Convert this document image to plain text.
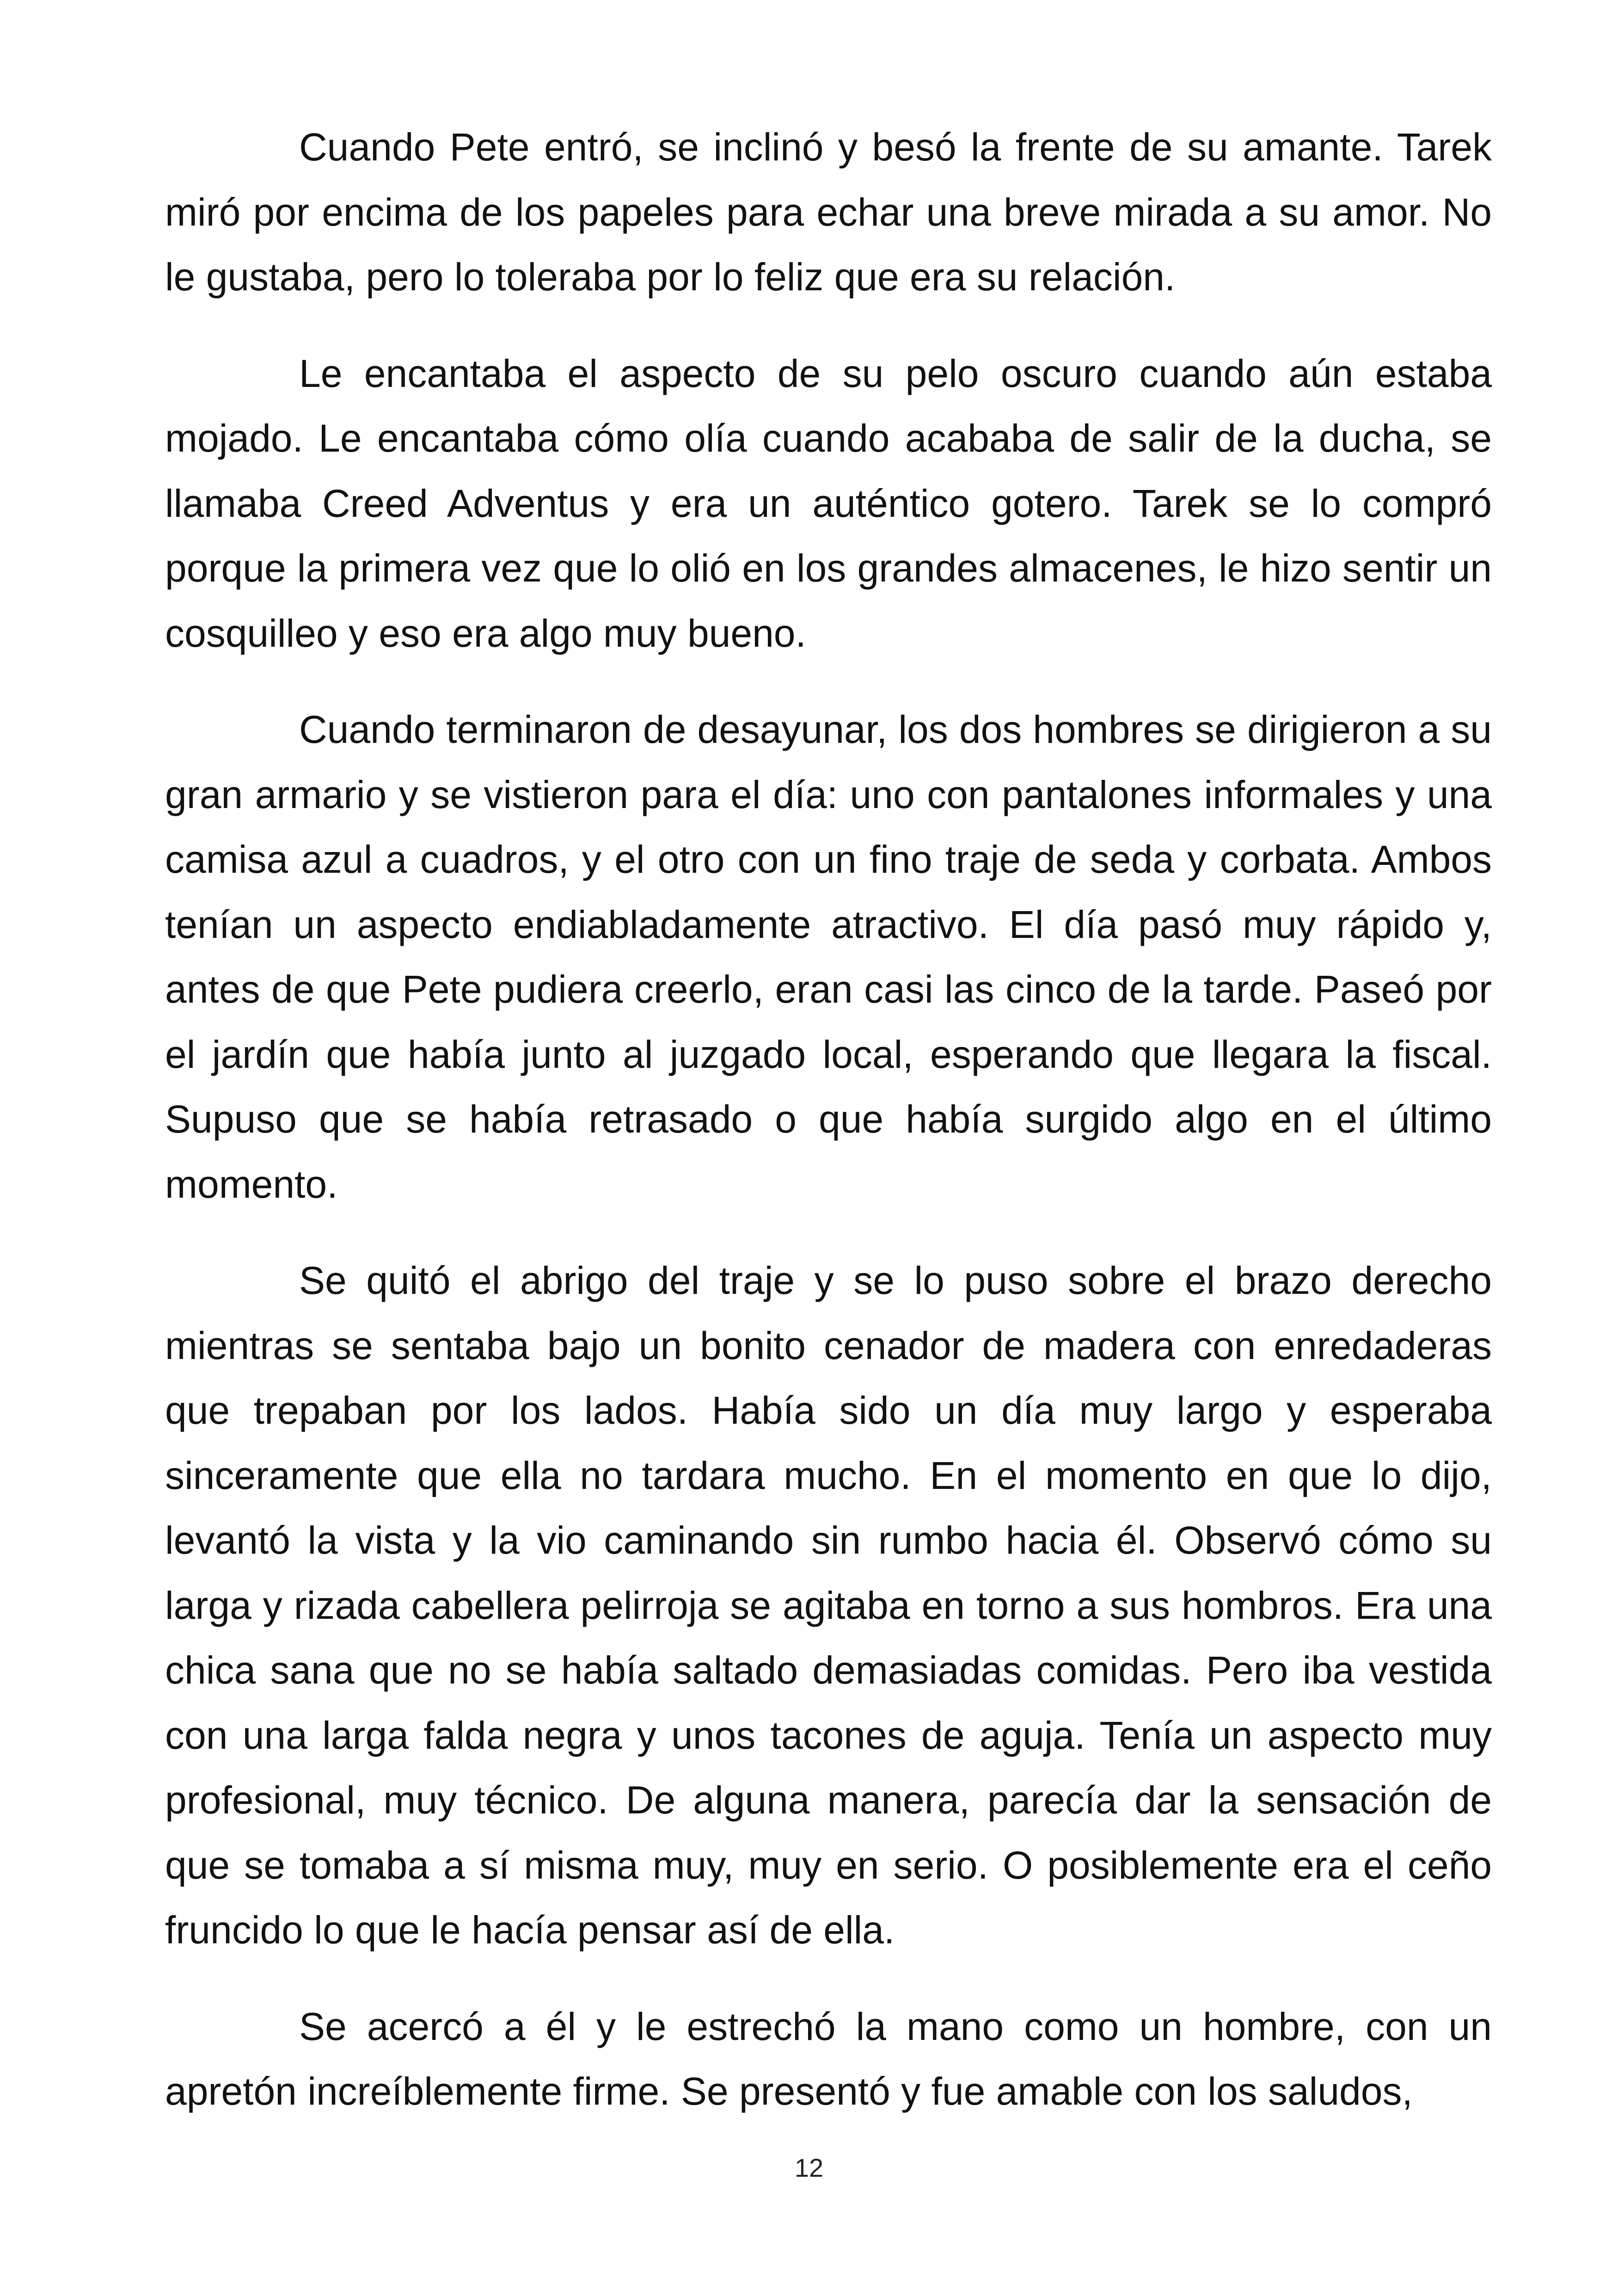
Cuando Pete entró, se inclinó y besó la frente de su amante. Tarek miró por encima de los papeles para echar una breve mirada a su amor. No le gustaba, pero lo toleraba por lo feliz que era su relación.

Le encantaba el aspecto de su pelo oscuro cuando aún estaba mojado. Le encantaba cómo olía cuando acababa de salir de la ducha, se llamaba Creed Adventus y era un auténtico gotero. Tarek se lo compró porque la primera vez que lo olió en los grandes almacenes, le hizo sentir un cosquilleo y eso era algo muy bueno.

Cuando terminaron de desayunar, los dos hombres se dirigieron a su gran armario y se vistieron para el día: uno con pantalones informales y una camisa azul a cuadros, y el otro con un fino traje de seda y corbata. Ambos tenían un aspecto endiabladamente atractivo. El día pasó muy rápido y, antes de que Pete pudiera creerlo, eran casi las cinco de la tarde. Paseó por el jardín que había junto al juzgado local, esperando que llegara la fiscal. Supuso que se había retrasado o que había surgido algo en el último momento.

Se quitó el abrigo del traje y se lo puso sobre el brazo derecho mientras se sentaba bajo un bonito cenador de madera con enredaderas que trepaban por los lados. Había sido un día muy largo y esperaba sinceramente que ella no tardara mucho. En el momento en que lo dijo, levantó la vista y la vio caminando sin rumbo hacia él. Observó cómo su larga y rizada cabellera pelirroja se agitaba en torno a sus hombros. Era una chica sana que no se había saltado demasiadas comidas. Pero iba vestida con una larga falda negra y unos tacones de aguja. Tenía un aspecto muy profesional, muy técnico. De alguna manera, parecía dar la sensación de que se tomaba a sí misma muy, muy en serio. O posiblemente era el ceño fruncido lo que le hacía pensar así de ella.

Se acercó a él y le estrechó la mano como un hombre, con un apretón increíblemente firme. Se presentó y fue amable con los saludos,

12
